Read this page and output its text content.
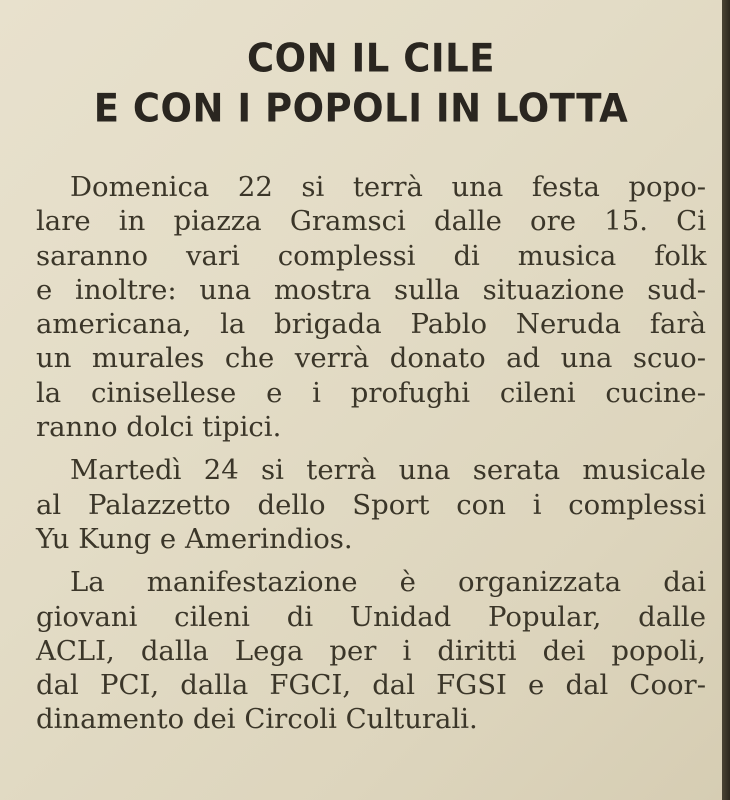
CON IL CILE
E CON I POPOLI IN LOTTA

Domenica 22 si terrà una festa popo-
lare in piazza Gramsci dalle ore 15. Ci
saranno vari complessi di musica folk
e inoltre: una mostra sulla situazione sud-
americana, la brigada Pablo Neruda farà
un murales che verrà donato ad una scuo-
la cinisellese e i profughi cileni cucine-
ranno dolci tipici.

Martedì 24 si terrà una serata musicale
al Palazzetto dello Sport con i complessi
Yu Kung e Amerindios.

La manifestazione è organizzata dai
giovani cileni di Unidad Popular, dalle
ACLI, dalla Lega per i diritti dei popoli,
dal PCI, dalla FGCI, dal FGSI e dal Coor-
dinamento dei Circoli Culturali.
